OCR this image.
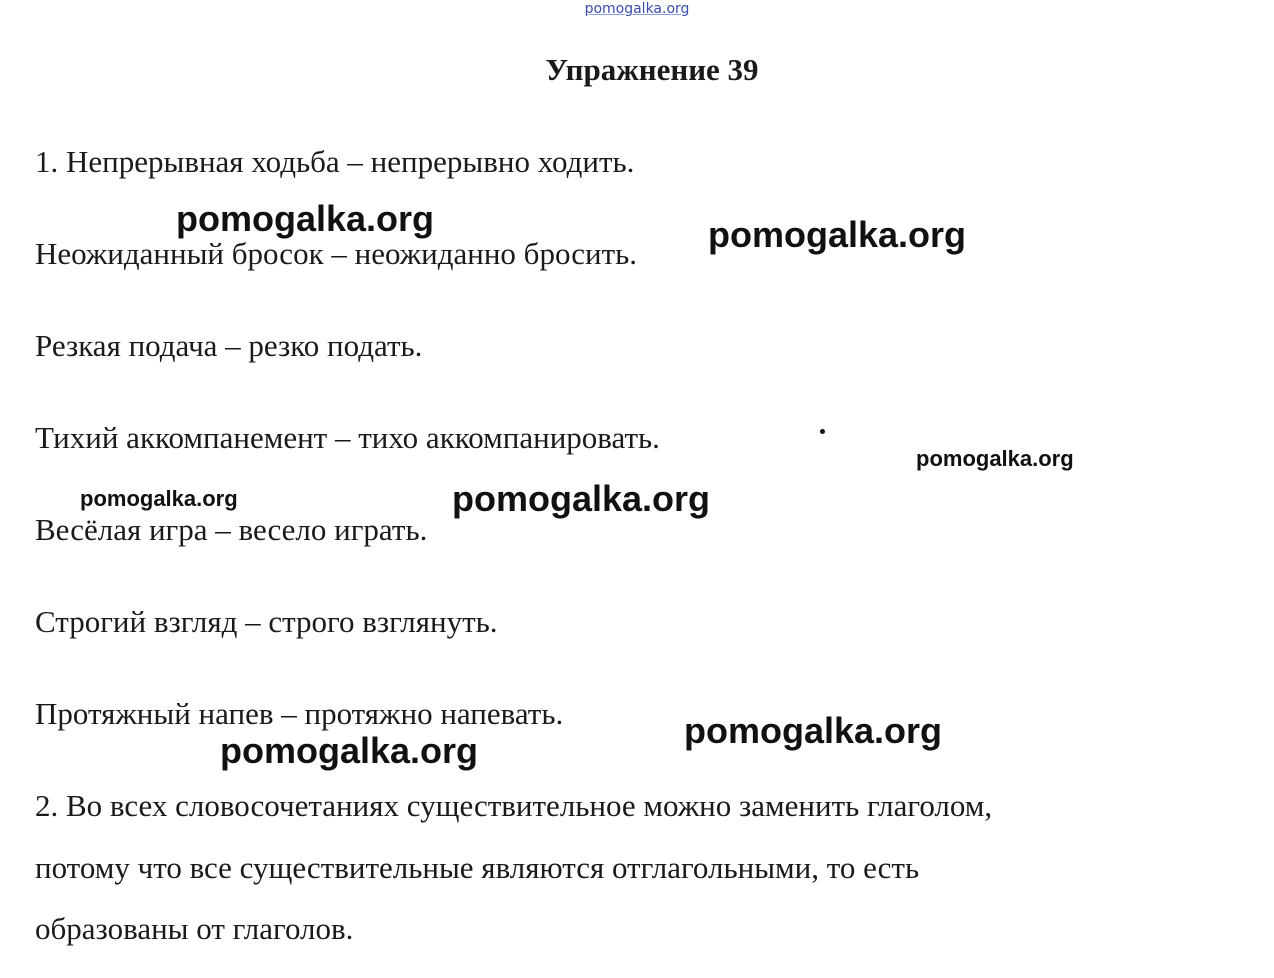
pomogalka.org
Упражнение 39
1. Непрерывная ходьба – непрерывно ходить.
Неожиданный бросок – неожиданно бросить.
Резкая подача – резко подать.
Тихий аккомпанемент – тихо аккомпанировать.
Весёлая игра – весело играть.
Строгий взгляд – строго взглянуть.
Протяжный напев – протяжно напевать.
2. Во всех словосочетаниях существительное можно заменить глаголом,
потому что все существительные являются отглагольными, то есть
образованы от глаголов.
pomogalka.org	pomogalka.org
pomogalka.org
pomogalka.org	pomogalka.org
pomogalka.org
pomogalka.org
